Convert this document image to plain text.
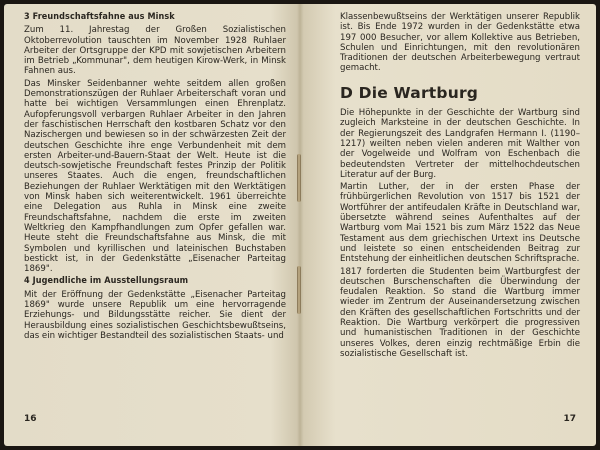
3 Freundschaftsfahne aus Minsk

Zum 11. Jahrestag der Großen Sozialistischen Oktoberrevolution tauschten im November 1928 Ruhlaer Arbeiter der Ortsgruppe der KPD mit sowjetischen Arbeitern im Betrieb „Kommunar", dem heutigen Kirow-Werk, in Minsk Fahnen aus.

Das Minsker Seidenbanner wehte seitdem allen großen Demonstrationszügen der Ruhlaer Arbeiterschaft voran und hatte bei wichtigen Versammlungen einen Ehrenplatz. Aufopferungsvoll verbargen Ruhlaer Arbeiter in den Jahren der faschistischen Herrschaft den kostbaren Schatz vor den Nazischergen und bewiesen so in der schwärzesten Zeit der deutschen Geschichte ihre enge Verbundenheit mit dem ersten Arbeiter-und-Bauern-Staat der Welt. Heute ist die deutsch-sowjetische Freundschaft festes Prinzip der Politik unseres Staates. Auch die engen, freundschaftlichen Beziehungen der Ruhlaer Werktätigen mit den Werktätigen von Minsk haben sich weiterentwickelt. 1961 überreichte eine Delegation aus Ruhla in Minsk eine zweite Freundschaftsfahne, nachdem die erste im zweiten Weltkrieg den Kampfhandlungen zum Opfer gefallen war. Heute steht die Freundschaftsfahne aus Minsk, die mit Symbolen und kyrillischen und lateinischen Buchstaben bestickt ist, in der Gedenkstätte „Eisenacher Parteitag 1869".

4 Jugendliche im Ausstellungsraum

Mit der Eröffnung der Gedenkstätte „Eisenacher Parteitag 1869" wurde unsere Republik um eine hervorragende Erziehungs- und Bildungsstätte reicher. Sie dient der Herausbildung eines sozialistischen Geschichtsbewußtseins, das ein wichtiger Bestandteil des sozialistischen Staats- und

16

Klassenbewußtseins der Werktätigen unserer Republik ist. Bis Ende 1972 wurden in der Gedenkstätte etwa 197 000 Besucher, vor allem Kollektive aus Betrieben, Schulen und Einrichtungen, mit den revolutionären Traditionen der deutschen Arbeiterbewegung vertraut gemacht.

D Die Wartburg

Die Höhepunkte in der Geschichte der Wartburg sind zugleich Marksteine in der deutschen Geschichte. In der Regierungszeit des Landgrafen Hermann I. (1190–1217) weilten neben vielen anderen mit Walther von der Vogelweide und Wolfram von Eschenbach die bedeutendsten Vertreter der mittelhochdeutschen Literatur auf der Burg.

Martin Luther, der in der ersten Phase der frühbürgerlichen Revolution von 1517 bis 1521 der Wortführer der antifeudalen Kräfte in Deutschland war, übersetzte während seines Aufenthaltes auf der Wartburg vom Mai 1521 bis zum März 1522 das Neue Testament aus dem griechischen Urtext ins Deutsche und leistete so einen entscheidenden Beitrag zur Entstehung der einheitlichen deutschen Schriftsprache.

1817 forderten die Studenten beim Wartburgfest der deutschen Burschenschaften die Überwindung der feudalen Reaktion. So stand die Wartburg immer wieder im Zentrum der Auseinandersetzung zwischen den Kräften des gesellschaftlichen Fortschritts und der Reaktion. Die Wartburg verkörpert die progressiven und humanistischen Traditionen in der Geschichte unseres Volkes, deren einzig rechtmäßige Erbin die sozialistische Gesellschaft ist.

17
